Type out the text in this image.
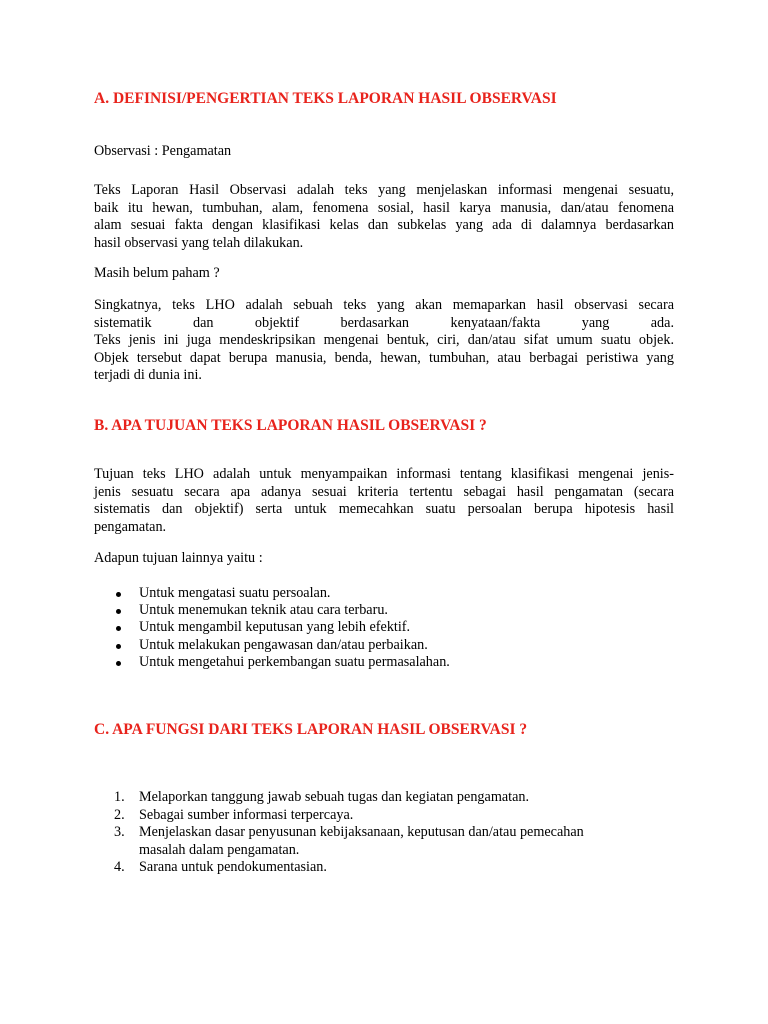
A. DEFINISI/PENGERTIAN TEKS LAPORAN HASIL OBSERVASI
Observasi : Pengamatan
Teks Laporan Hasil Observasi adalah teks yang menjelaskan informasi mengenai sesuatu,
baik itu hewan, tumbuhan, alam, fenomena sosial, hasil karya manusia, dan/atau fenomena
alam sesuai fakta dengan klasifikasi kelas dan subkelas yang ada di dalamnya berdasarkan
hasil observasi yang telah dilakukan.
Masih belum paham ?
Singkatnya, teks LHO adalah sebuah teks yang akan memaparkan hasil observasi secara
sistematik dan objektif berdasarkan kenyataan/fakta yang ada.
Teks jenis ini juga mendeskripsikan mengenai bentuk, ciri, dan/atau sifat umum suatu objek.
Objek tersebut dapat berupa manusia, benda, hewan, tumbuhan, atau berbagai peristiwa yang
terjadi di dunia ini.
B. APA TUJUAN TEKS LAPORAN HASIL OBSERVASI ?
Tujuan teks LHO adalah untuk menyampaikan informasi tentang klasifikasi mengenai jenis-
jenis sesuatu secara apa adanya sesuai kriteria tertentu sebagai hasil pengamatan (secara
sistematis dan objektif) serta untuk memecahkan suatu persoalan berupa hipotesis hasil
pengamatan.
Adapun tujuan lainnya yaitu :
Untuk mengatasi suatu persoalan.
Untuk menemukan teknik atau cara terbaru.
Untuk mengambil keputusan yang lebih efektif.
Untuk melakukan pengawasan dan/atau perbaikan.
Untuk mengetahui perkembangan suatu permasalahan.
C. APA FUNGSI DARI TEKS LAPORAN HASIL OBSERVASI ?
1. Melaporkan tanggung jawab sebuah tugas dan kegiatan pengamatan.
2. Sebagai sumber informasi terpercaya.
3. Menjelaskan dasar penyusunan kebijaksanaan, keputusan dan/atau pemecahan
masalah dalam pengamatan.
4. Sarana untuk pendokumentasian.
